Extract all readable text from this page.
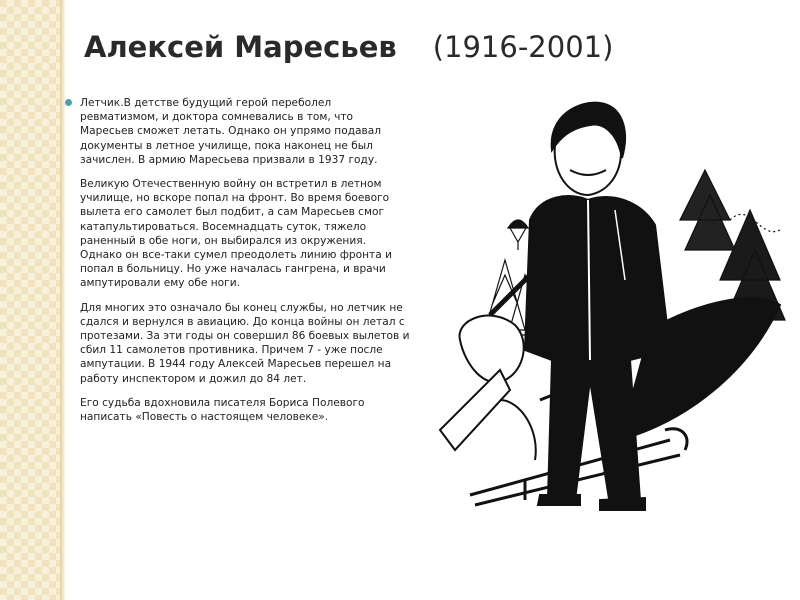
Алексей Маресьев (1916-2001)

Летчик.В детстве будущий герой переболел ревматизмом, и доктора сомневались в том, что Маресьев сможет летать. Однако он упрямо подавал документы в летное училище, пока наконец не был зачислен. В армию Маресьева призвали в 1937 году.

Великую Отечественную войну он встретил в летном училище, но вскоре попал на фронт. Во время боевого вылета его самолет был подбит, а сам Маресьев смог катапультироваться. Восемнадцать суток, тяжело раненный в обе ноги, он выбирался из окружения. Однако он все-таки сумел преодолеть линию фронта и попал в больницу. Но уже началась гангрена, и врачи ампутировали ему обе ноги.

Для многих это означало бы конец службы, но летчик не сдался и вернулся в авиацию. До конца войны он летал с протезами. За эти годы он совершил 86 боевых вылетов и сбил 11 самолетов противника. Причем 7 - уже после ампутации. В 1944 году Алексей Маресьев перешел на работу инспектором и дожил до 84 лет.

Его судьба вдохновила писателя Бориса Полевого написать «Повесть о настоящем человеке».
